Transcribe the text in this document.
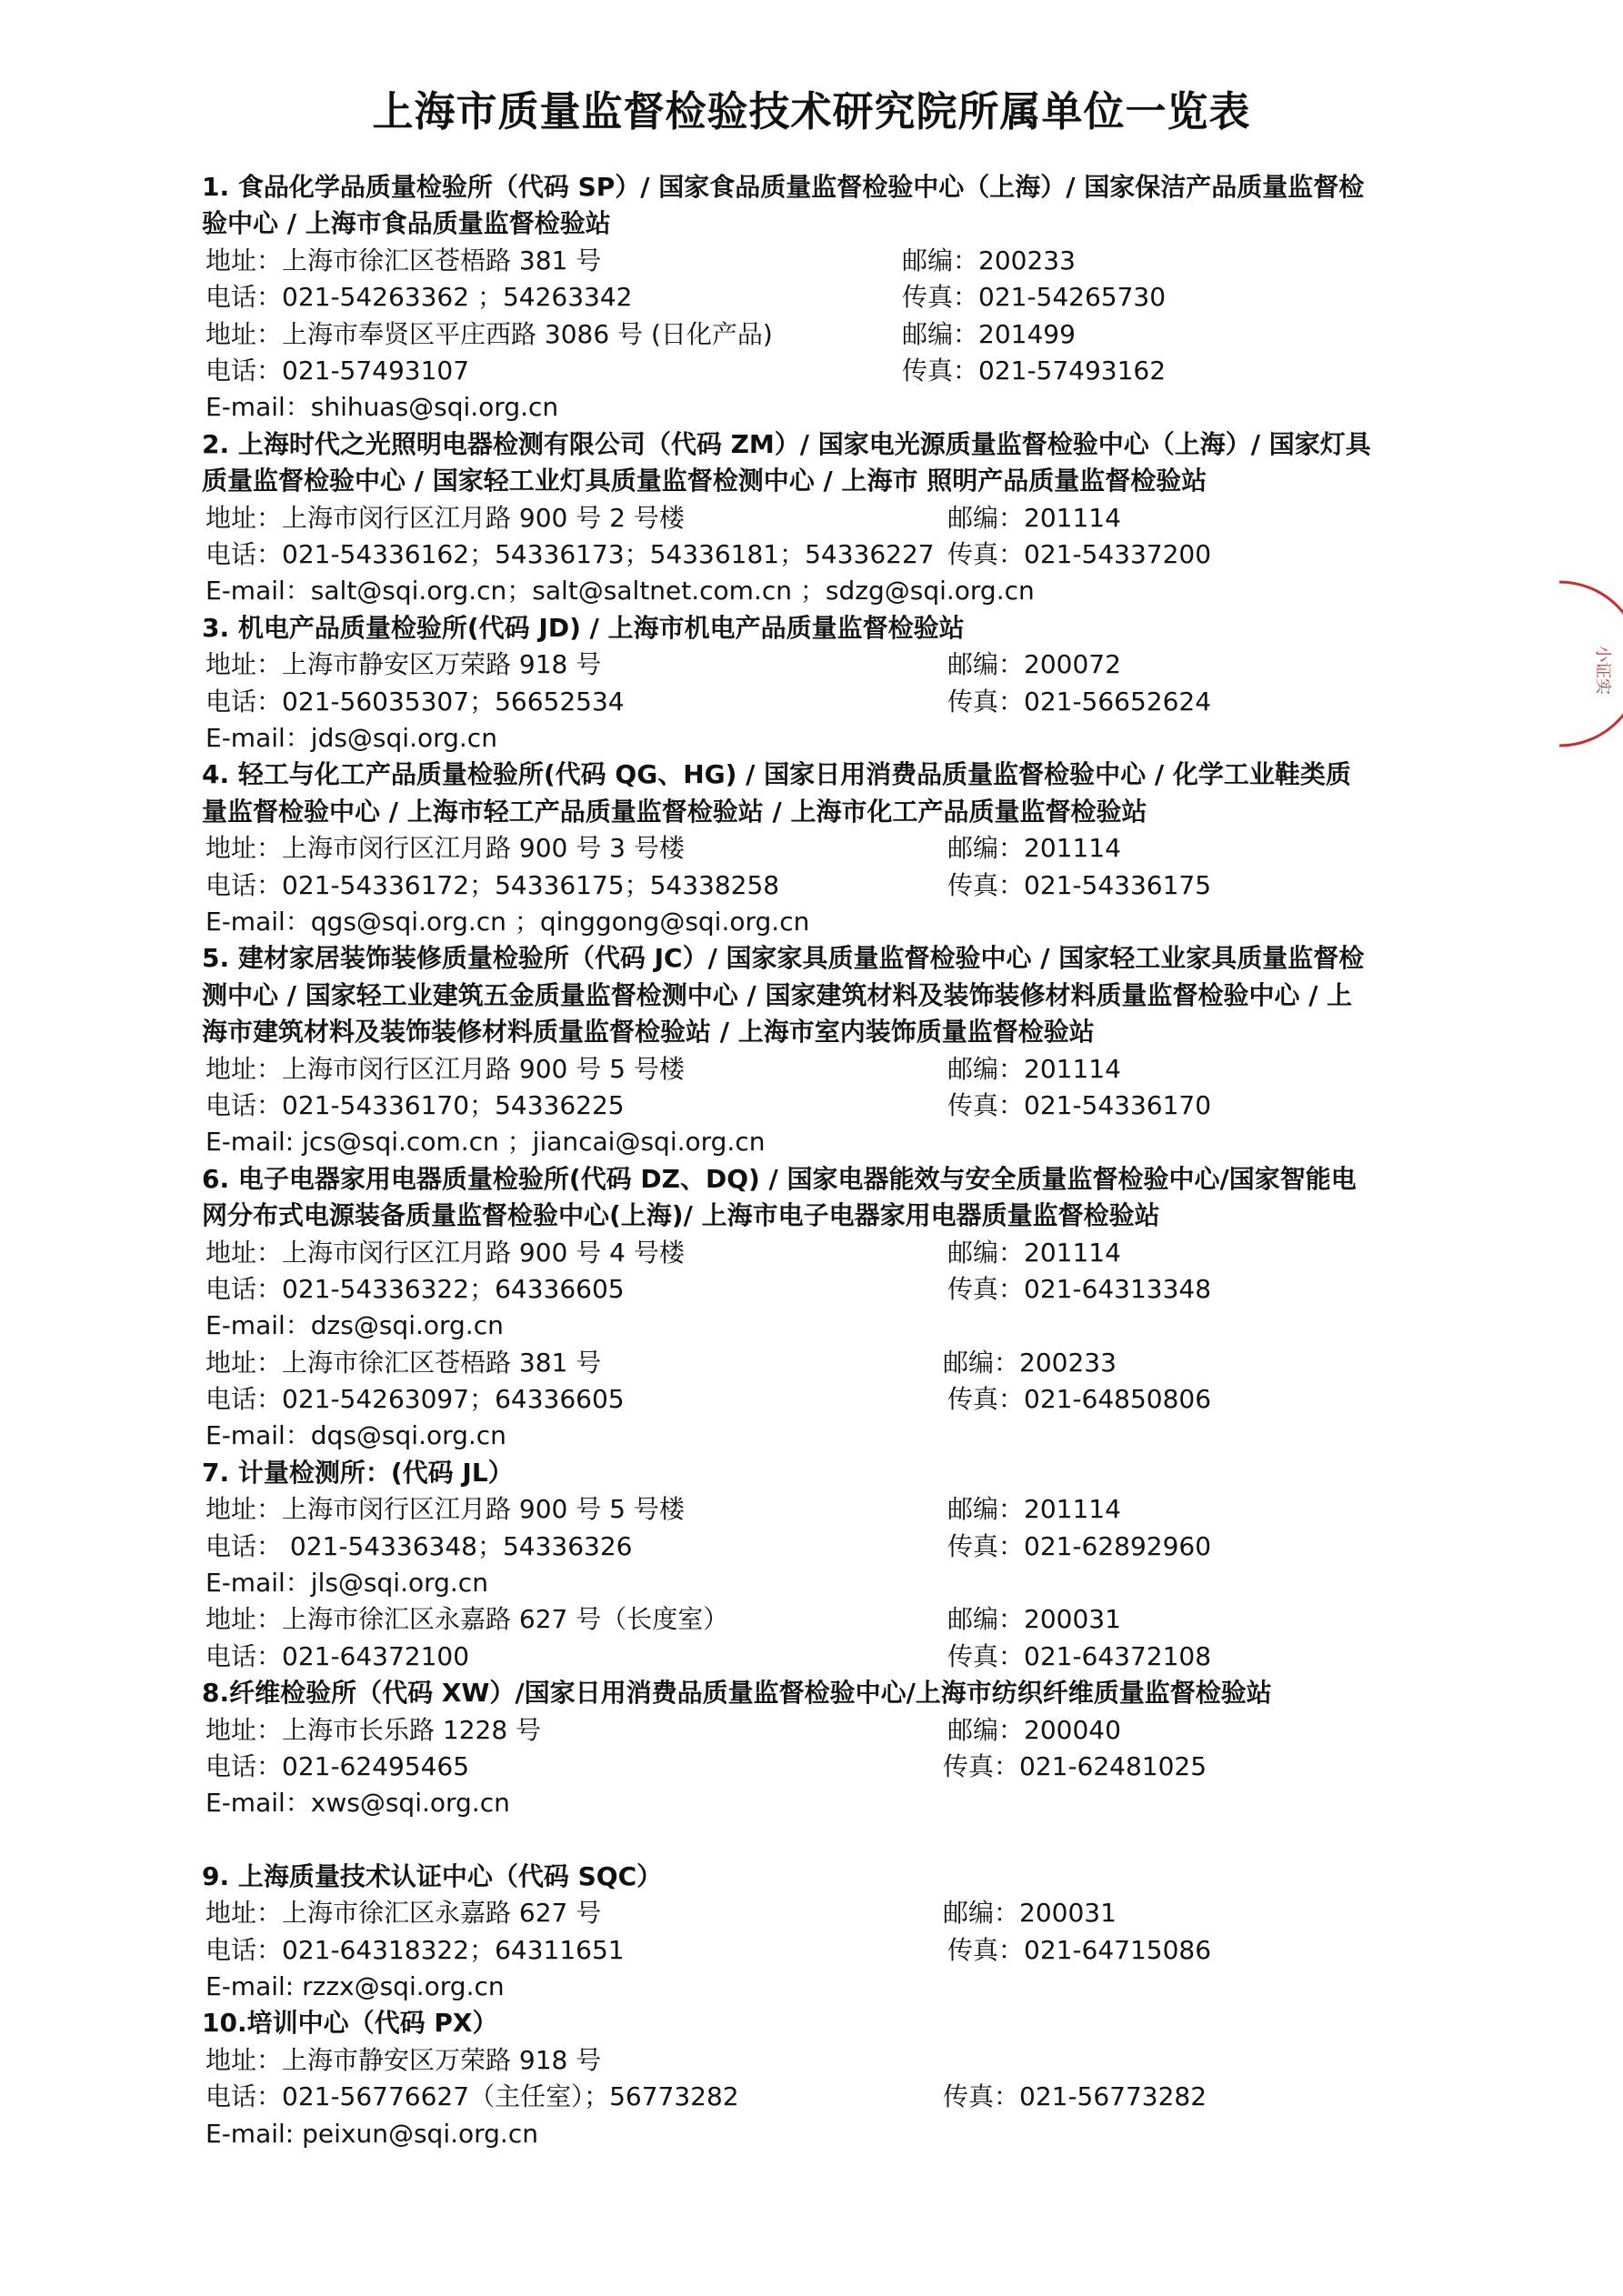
上海市质量监督检验技术研究院所属单位一览表
1. 食品化学品质量检验所（代码 SP）/ 国家食品质量监督检验中心（上海）/ 国家保洁产品质量监督检验中心 / 上海市食品质量监督检验站
地址：上海市徐汇区苍梧路 381 号	邮编：200233
电话：021-54263362 ；54263342	传真：021-54265730
地址：上海市奉贤区平庄西路 3086 号 (日化产品)	邮编：201499
电话：021-57493107	传真：021-57493162
E-mail：shihuas@sqi.org.cn
2. 上海时代之光照明电器检测有限公司（代码 ZM）/ 国家电光源质量监督检验中心（上海）/ 国家灯具质量监督检验中心 / 国家轻工业灯具质量监督检测中心 / 上海市 照明产品质量监督检验站
地址：上海市闵行区江月路 900 号 2 号楼	邮编：201114
电话：021-54336162；54336173；54336181；54336227 传真：021-54337200
E-mail：salt@sqi.org.cn；salt@saltnet.com.cn ；sdzg@sqi.org.cn
3. 机电产品质量检验所(代码 JD) / 上海市机电产品质量监督检验站
地址：上海市静安区万荣路 918 号	邮编：200072
电话：021-56035307；56652534	传真：021-56652624
E-mail：jds@sqi.org.cn
4. 轻工与化工产品质量检验所(代码 QG、HG) / 国家日用消费品质量监督检验中心 / 化学工业鞋类质量监督检验中心 / 上海市轻工产品质量监督检验站 / 上海市化工产品质量监督检验站
地址：上海市闵行区江月路 900 号 3 号楼	邮编：201114
电话：021-54336172；54336175；54338258	传真：021-54336175
E-mail：qgs@sqi.org.cn ；qinggong@sqi.org.cn
5. 建材家居装饰装修质量检验所（代码 JC）/ 国家家具质量监督检验中心 / 国家轻工业家具质量监督检测中心 / 国家轻工业建筑五金质量监督检测中心 / 国家建筑材料及装饰装修材料质量监督检验中心 / 上海市建筑材料及装饰装修材料质量监督检验站 / 上海市室内装饰质量监督检验站
地址：上海市闵行区江月路 900 号 5 号楼	邮编：201114
电话：021-54336170；54336225	传真：021-54336170
E-mail: jcs@sqi.com.cn ；jiancai@sqi.org.cn
6. 电子电器家用电器质量检验所(代码 DZ、DQ) / 国家电器能效与安全质量监督检验中心/国家智能电网分布式电源装备质量监督检验中心(上海)/ 上海市电子电器家用电器质量监督检验站
地址：上海市闵行区江月路 900 号 4 号楼	邮编：201114
电话：021-54336322；64336605	传真：021-64313348
E-mail：dzs@sqi.org.cn
地址：上海市徐汇区苍梧路 381 号	邮编：200233
电话：021-54263097；64336605	传真：021-64850806
E-mail：dqs@sqi.org.cn
7. 计量检测所：(代码 JL）
地址：上海市闵行区江月路 900 号 5 号楼	邮编：201114
电话： 021-54336348；54336326	传真：021-62892960
E-mail：jls@sqi.org.cn
地址：上海市徐汇区永嘉路 627 号（长度室）	邮编：200031
电话：021-64372100	传真：021-64372108
8.纤维检验所（代码 XW）/国家日用消费品质量监督检验中心/上海市纺织纤维质量监督检验站
地址：上海市长乐路 1228 号	邮编：200040
电话：021-62495465	传真：021-62481025
E-mail：xws@sqi.org.cn
9. 上海质量技术认证中心（代码 SQC）
地址：上海市徐汇区永嘉路 627 号	邮编：200031
电话：021-64318322；64311651	传真：021-64715086
E-mail: rzzx@sqi.org.cn
10.培训中心（代码 PX）
地址：上海市静安区万荣路 918 号
电话：021-56776627（主任室）；56773282	传真：021-56773282
E-mail: peixun@sqi.org.cn
小证实
